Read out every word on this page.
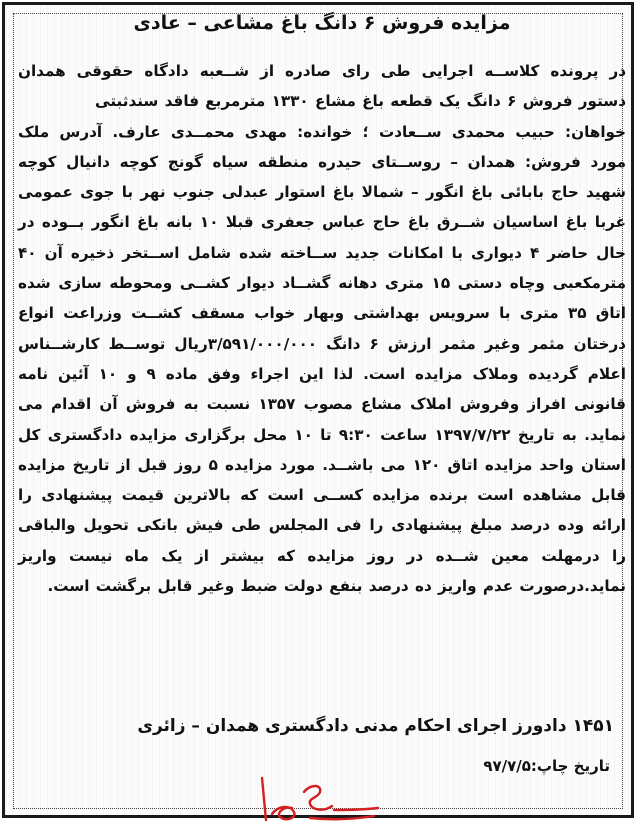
مزایده فروش ۶ دانگ باغ مشاعی – عادی

در پرونده کلاســه اجرایی طی رای صادره از شــعبه دادگاه حقوقی همدان دستور فروش ۶ دانگ یک قطعه باغ مشاع ۱۳۳۰ مترمربع فاقد سندثبتی

خواهان: حبیب محمدی ســعادت ؛ خوانده: مهدی محمــدی عارف. آدرس ملک مورد فروش: همدان – روســتای حیدره منطقه سیاه گونج کوچه دانیال کوچه شهید حاج بابائی باغ انگور – شمالا باغ استوار عبدلی جنوب نهر با جوی عمومی غربا باغ اساسیان شــرق باغ حاج عباس جعفری قبلا ۱۰ بانه باغ انگور بــوده در حال حاضر ۴ دیواری با امکانات جدید ســاخته شده شامل اســتخر ذخیره آن ۴۰ مترمکعبی وچاه دستی ۱۵ متری دهانه گشــاد دیوار کشــی ومحوطه سازی شده اتاق ۳۵ متری با سرویس بهداشتی وبهار خواب مسقف کشــت وزراعت انواع درختان مثمر وغیر مثمر ارزش ۶ دانگ ۳/۵۹۱/۰۰۰/۰۰۰ریال توســط کارشــناس اعلام گردیده وملاک مزایده است. لذا این اجراء وفق ماده ۹ و ۱۰ آئین نامه قانونی افراز وفروش املاک مشاع مصوب ۱۳۵۷ نسبت به فروش آن اقدام می نماید. به تاریخ ۱۳۹۷/۷/۲۲ ساعت ۹:۳۰ تا ۱۰ محل برگزاری مزایده دادگستری کل استان واحد مزایده اتاق ۱۲۰ می باشــد. مورد مزایده ۵ روز قبل از تاریخ مزایده قابل مشاهده است برنده مزایده کســی است که بالاترین قیمت پیشنهادی را ارائه وده درصد مبلغ پیشنهادی را فی المجلس طی فیش بانکی تحویل والباقی را درمهلت معین شــده در روز مزایده که بیشتر از یک ماه نیست واریز نماید.درصورت عدم واریز ده درصد بنفع دولت ضبط وغیر قابل برگشت است.

۱۴۵۱ دادورز اجرای احکام مدنی دادگستری همدان – زائری
تاریخ چاپ:۹۷/۷/۵
